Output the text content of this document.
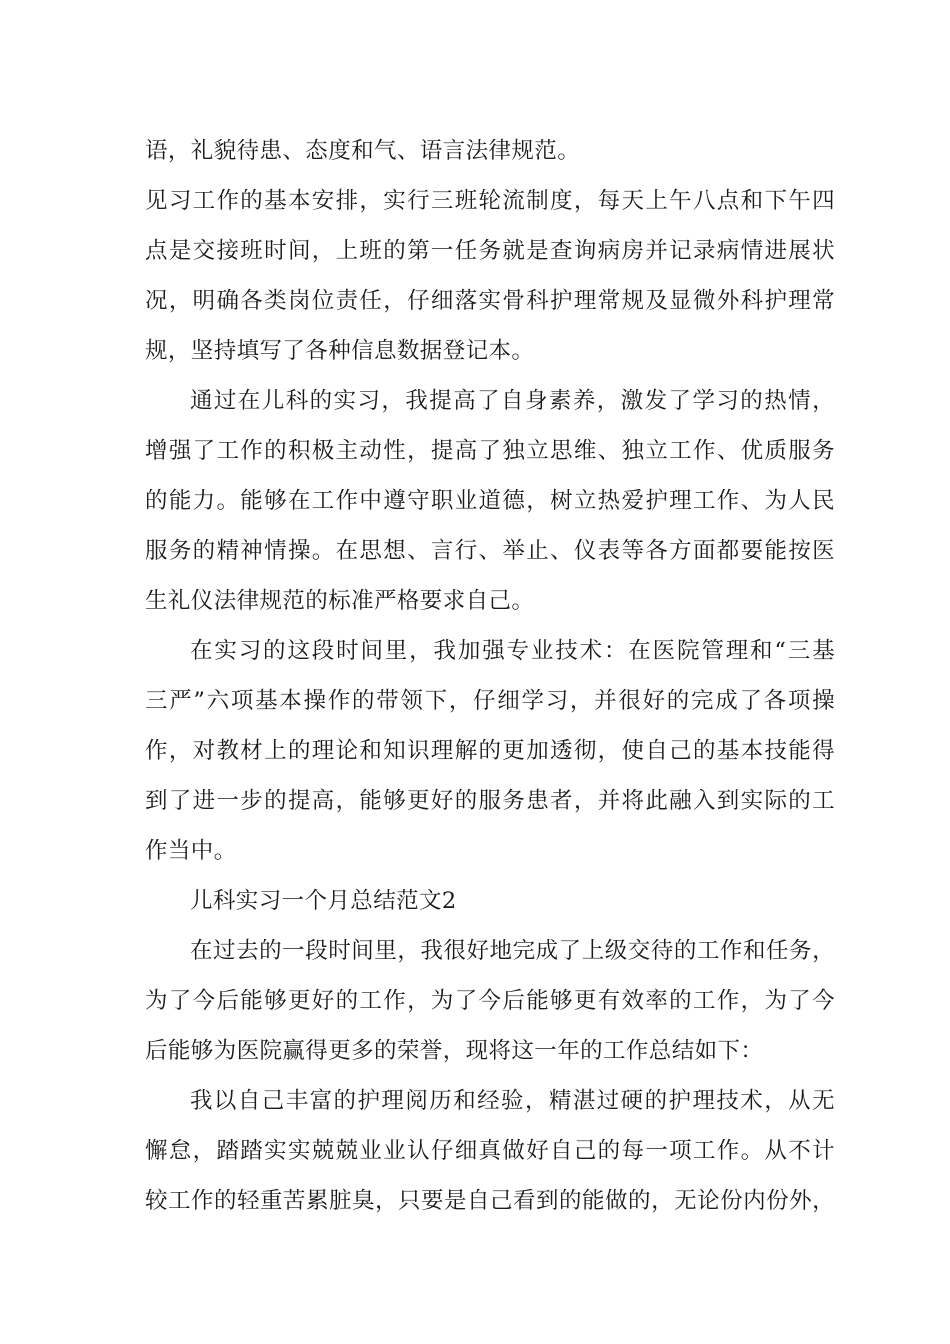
语，礼貌待患、态度和气、语言法律规范。
见习工作的基本安排，实行三班轮流制度，每天上午八点和下午四
点是交接班时间，上班的第一任务就是查询病房并记录病情进展状
况，明确各类岗位责任，仔细落实骨科护理常规及显微外科护理常
规，坚持填写了各种信息数据登记本。
通过在儿科的实习，我提高了自身素养，激发了学习的热情，
增强了工作的积极主动性，提高了独立思维、独立工作、优质服务
的能力。能够在工作中遵守职业道德，树立热爱护理工作、为人民
服务的精神情操。在思想、言行、举止、仪表等各方面都要能按医
生礼仪法律规范的标准严格要求自己。
在实习的这段时间里，我加强专业技术：在医院管理和“三基
三严”六项基本操作的带领下，仔细学习，并很好的完成了各项操
作，对教材上的理论和知识理解的更加透彻，使自己的基本技能得
到了进一步的提高，能够更好的服务患者，并将此融入到实际的工
作当中。
儿科实习一个月总结范文2
在过去的一段时间里，我很好地完成了上级交待的工作和任务，
为了今后能够更好的工作，为了今后能够更有效率的工作，为了今
后能够为医院赢得更多的荣誉，现将这一年的工作总结如下：
我以自己丰富的护理阅历和经验，精湛过硬的护理技术，从无
懈怠，踏踏实实兢兢业业认仔细真做好自己的每一项工作。从不计
较工作的轻重苦累脏臭，只要是自己看到的能做的，无论份内份外，
